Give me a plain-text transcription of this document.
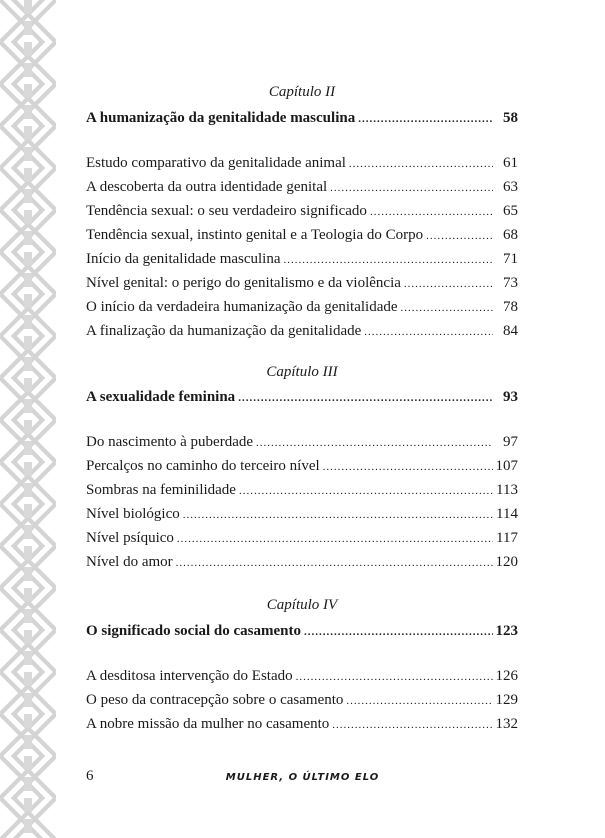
Capítulo II
A humanização da genitalidade masculina .....	58
Estudo comparativo da genitalidade animal .....	61
A descoberta da outra identidade genital .....	63
Tendência sexual: o seu verdadeiro significado .....	65
Tendência sexual, instinto genital e a Teologia do Corpo .....	68
Início da genitalidade masculina .....	71
Nível genital: o perigo do genitalismo e da violência .....	73
O início da verdadeira humanização da genitalidade .....	78
A finalização da humanização da genitalidade .....	84
Capítulo III
A sexualidade feminina .....	93
Do nascimento à puberdade .....	97
Percalços no caminho do terceiro nível .....	107
Sombras na feminilidade .....	113
Nível biológico .....	114
Nível psíquico .....	117
Nível do amor .....	120
Capítulo IV
O significado social do casamento .....	123
A desditosa intervenção do Estado .....	126
O peso da contracepção sobre o casamento .....	129
A nobre missão da mulher no casamento .....	132
6	MULHER, O ÚLTIMO ELO
